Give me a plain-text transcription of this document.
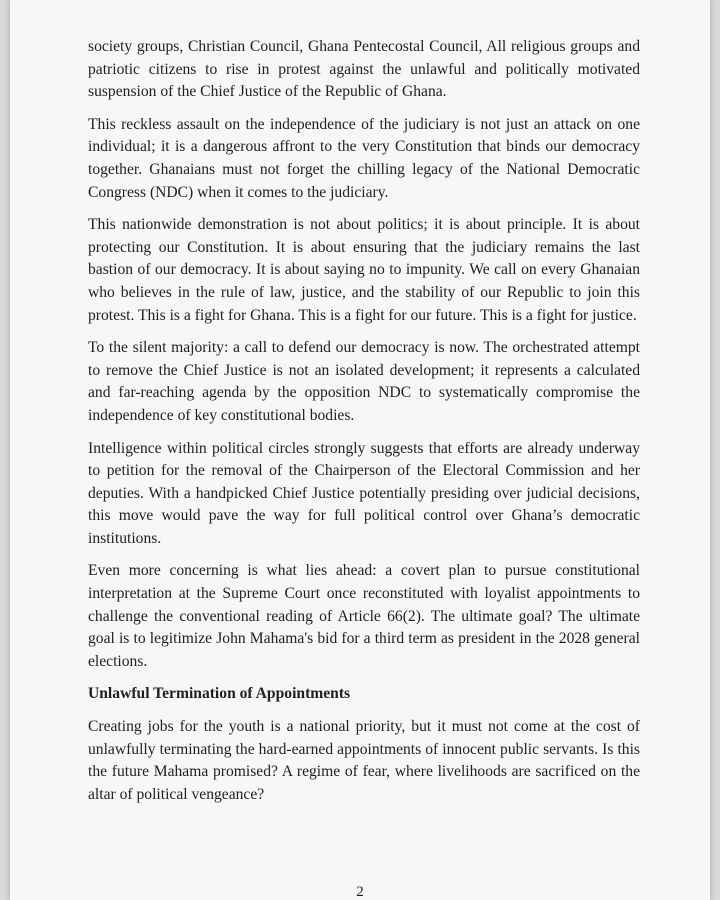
society groups, Christian Council, Ghana Pentecostal Council, All religious groups and patriotic citizens to rise in protest against the unlawful and politically motivated suspension of the Chief Justice of the Republic of Ghana.

This reckless assault on the independence of the judiciary is not just an attack on one individual; it is a dangerous affront to the very Constitution that binds our democracy together. Ghanaians must not forget the chilling legacy of the National Democratic Congress (NDC) when it comes to the judiciary.

This nationwide demonstration is not about politics; it is about principle. It is about protecting our Constitution. It is about ensuring that the judiciary remains the last bastion of our democracy. It is about saying no to impunity. We call on every Ghanaian who believes in the rule of law, justice, and the stability of our Republic to join this protest. This is a fight for Ghana. This is a fight for our future. This is a fight for justice.

To the silent majority: a call to defend our democracy is now. The orchestrated attempt to remove the Chief Justice is not an isolated development; it represents a calculated and far-reaching agenda by the opposition NDC to systematically compromise the independence of key constitutional bodies.

Intelligence within political circles strongly suggests that efforts are already underway to petition for the removal of the Chairperson of the Electoral Commission and her deputies. With a handpicked Chief Justice potentially presiding over judicial decisions, this move would pave the way for full political control over Ghana’s democratic institutions.

Even more concerning is what lies ahead: a covert plan to pursue constitutional interpretation at the Supreme Court once reconstituted with loyalist appointments to challenge the conventional reading of Article 66(2). The ultimate goal? The ultimate goal is to legitimize John Mahama's bid for a third term as president in the 2028 general elections.

Unlawful Termination of Appointments

Creating jobs for the youth is a national priority, but it must not come at the cost of unlawfully terminating the hard-earned appointments of innocent public servants. Is this the future Mahama promised? A regime of fear, where livelihoods are sacrificed on the altar of political vengeance?

2
